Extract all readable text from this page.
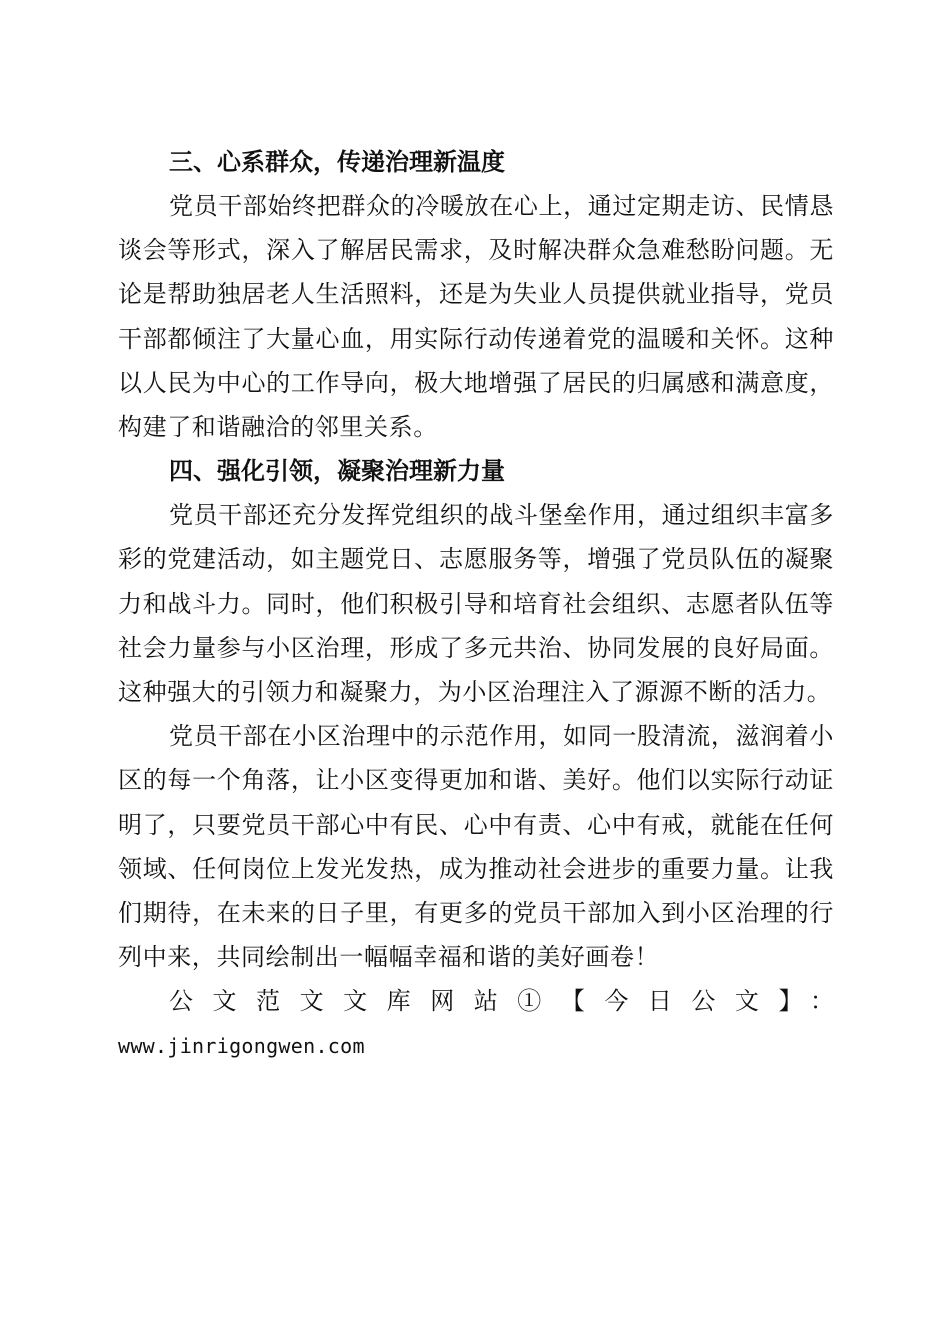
三、心系群众，传递治理新温度

党员干部始终把群众的冷暖放在心上，通过定期走访、民情恳谈会等形式，深入了解居民需求，及时解决群众急难愁盼问题。无论是帮助独居老人生活照料，还是为失业人员提供就业指导，党员干部都倾注了大量心血，用实际行动传递着党的温暖和关怀。这种以人民为中心的工作导向，极大地增强了居民的归属感和满意度，构建了和谐融洽的邻里关系。

四、强化引领，凝聚治理新力量

党员干部还充分发挥党组织的战斗堡垒作用，通过组织丰富多彩的党建活动，如主题党日、志愿服务等，增强了党员队伍的凝聚力和战斗力。同时，他们积极引导和培育社会组织、志愿者队伍等社会力量参与小区治理，形成了多元共治、协同发展的良好局面。这种强大的引领力和凝聚力，为小区治理注入了源源不断的活力。

党员干部在小区治理中的示范作用，如同一股清流，滋润着小区的每一个角落，让小区变得更加和谐、美好。他们以实际行动证明了，只要党员干部心中有民、心中有责、心中有戒，就能在任何领域、任何岗位上发光发热，成为推动社会进步的重要力量。让我们期待，在未来的日子里，有更多的党员干部加入到小区治理的行列中来，共同绘制出一幅幅幸福和谐的美好画卷！

公文范文文库网站①【今日公文】：

www.jinrigongwen.com
